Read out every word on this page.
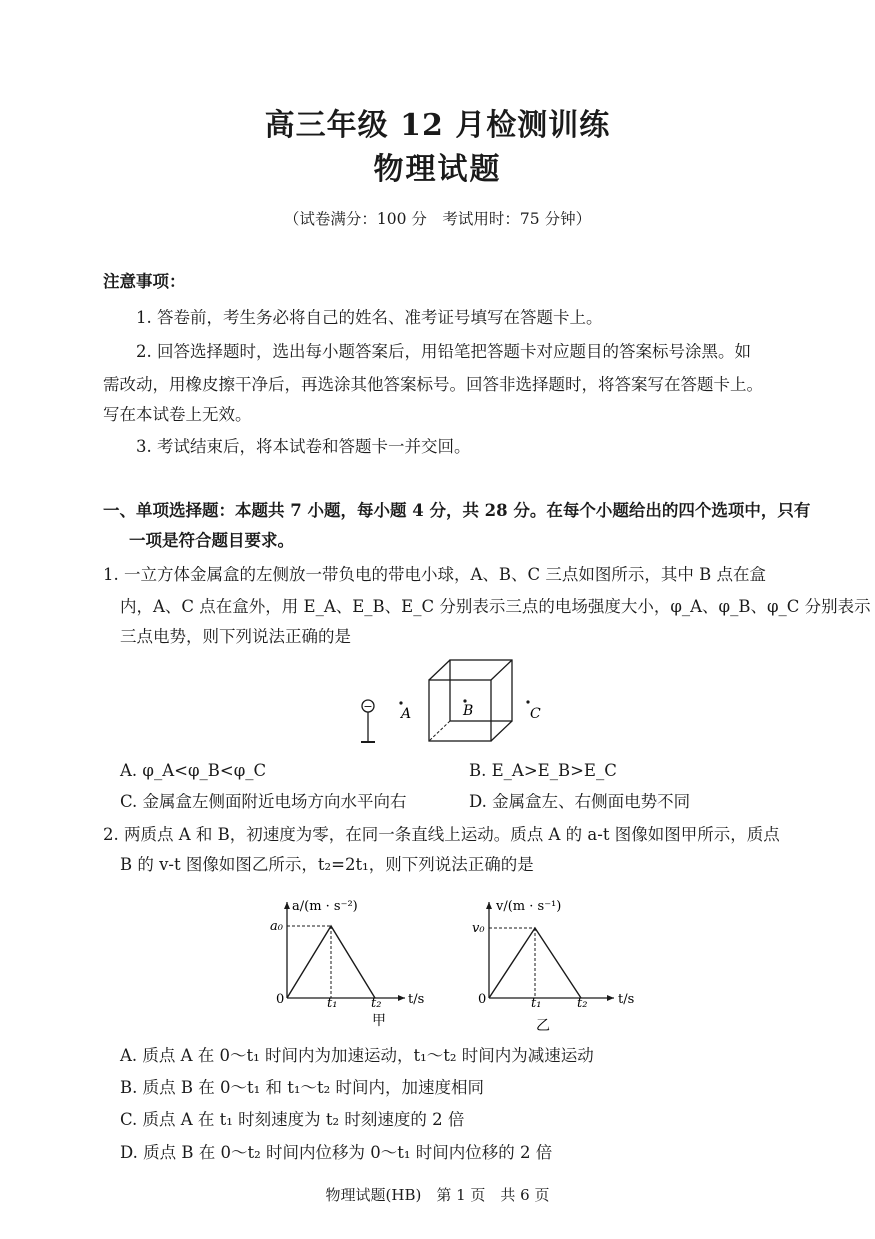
高三年级 12 月检测训练
物理试题
（试卷满分：100 分　考试用时：75 分钟）
注意事项：
1. 答卷前，考生务必将自己的姓名、准考证号填写在答题卡上。
2. 回答选择题时，选出每小题答案后，用铅笔把答题卡对应题目的答案标号涂黑。如
需改动，用橡皮擦干净后，再选涂其他答案标号。回答非选择题时，将答案写在答题卡上。
写在本试卷上无效。
3. 考试结束后，将本试卷和答题卡一并交回。
一、单项选择题：本题共 7 小题，每小题 4 分，共 28 分。在每个小题给出的四个选项中，只有
一项是符合题目要求。
1. 一立方体金属盒的左侧放一带负电的带电小球，A、B、C 三点如图所示，其中 B 点在盒
内，A、C 点在盒外，用 E_A、E_B、E_C 分别表示三点的电场强度大小，φ_A、φ_B、φ_C 分别表示
三点电势，则下列说法正确的是
− A	B	C
A. φ_A<φ_B<φ_C	B. E_A>E_B>E_C
C. 金属盒左侧面附近电场方向水平向右	D. 金属盒左、右侧面电势不同
2. 两质点 A 和 B，初速度为零，在同一条直线上运动。质点 A 的 a-t 图像如图甲所示，质点
B 的 v-t 图像如图乙所示，t₂=2t₁，则下列说法正确的是
a/(m · s⁻²)
t/s
甲
0	t₁	t₂
a₀
v/(m · s⁻¹)
t/s
乙
0	t₁	t₂
v₀
A. 质点 A 在 0～t₁ 时间内为加速运动，t₁～t₂ 时间内为减速运动
B. 质点 B 在 0～t₁ 和 t₁～t₂ 时间内，加速度相同
C. 质点 A 在 t₁ 时刻速度为 t₂ 时刻速度的 2 倍
D. 质点 B 在 0～t₂ 时间内位移为 0～t₁ 时间内位移的 2 倍
物理试题(HB)　第 1 页　共 6 页
